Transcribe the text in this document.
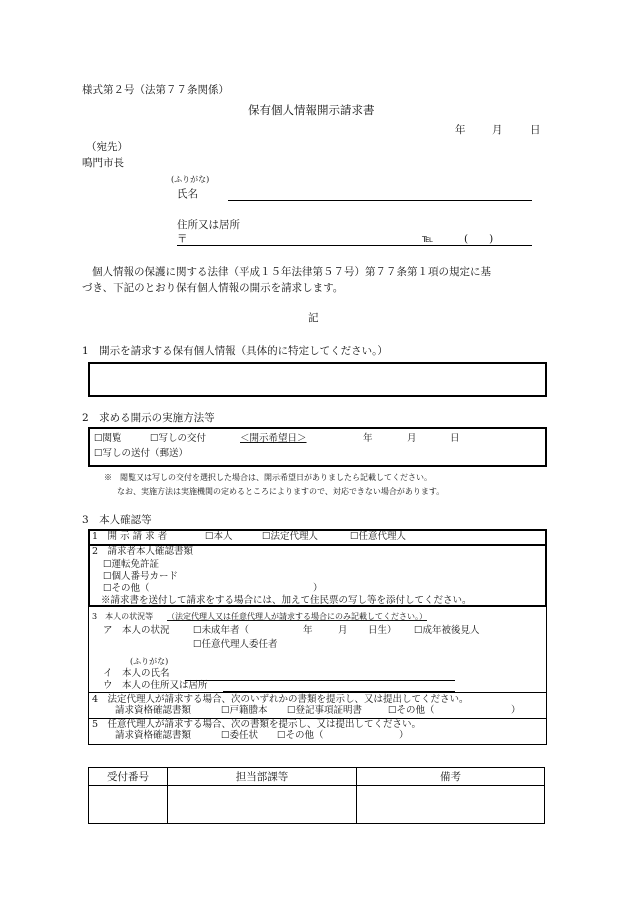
様式第２号（法第７７条関係）
保有個人情報開示請求書
年	月	日
（宛先）
鳴門市長
(ふりがな)
氏名
住所又は居所
〒	℡	(　　)
個人情報の保護に関する法律（平成１５年法律第５７号）第７７条第１項の規定に基
づき、下記のとおり保有個人情報の開示を請求します。
記
1　開示を請求する保有個人情報（具体的に特定してください。）
2　求める開示の実施方法等
☐閲覧	☐写しの交付	＜開示希望日＞	年	月	日
☐写しの送付（郵送）
※　閲覧又は写しの交付を選択した場合は、開示希望日がありましたら記載してください。
なお、実施方法は実施機関の定めるところによりますので、対応できない場合があります。
3　本人確認等
1　開 示 請 求 者	☐本人	☐法定代理人	☐任意代理人
2　請求者本人確認書類
☐運転免許証
☐個人番号カード
☐その他（	）
※請求書を送付して請求をする場合には、加えて住民票の写し等を添付してください。
3　本人の状況等 （法定代理人又は任意代理人が請求する場合にのみ記載してください。）
ア　本人の状況 ☐未成年者（	年	月 日生） ☐成年被後見人
☐任意代理人委任者
(ふりがな)
イ　本人の氏名
ウ　本人の住所又は居所
4　法定代理人が請求する場合、次のいずれかの書類を提示し、又は提出してください。
請求資格確認書類	☐戸籍謄本 ☐登記事項証明書	☐その他（	）
5　任意代理人が請求する場合、次の書類を提示し、又は提出してください。
請求資格確認書類	☐委任状 ☐その他（	）
受付番号	担当部課等	備考
